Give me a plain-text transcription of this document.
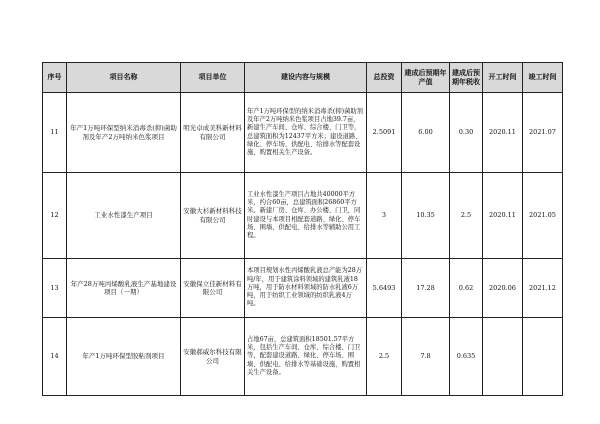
序号	项目名称	项目单位	建设内容与规模	总投资	建成后预期年产值	建成后预期年税收	开工时间	竣工时间
11	年产1万吨环保型纳米消毒杀(抑)菌助剂及年产2万吨纳米色浆项目	明光卓成美科新材料有限公司	年产1万吨环保型的纳米消毒杀(抑)菌助剂及年产2万吨纳米色浆项目占地39.7亩，新建生产车间、仓库、综合楼、门卫等，总建筑面积为12437平方米；建设道路、绿化、停车场、供配电、给排水等配套设施，购置相关生产设备。	2.5091	6.00	0.30	2020.11	2021.07
12	工业水性漆生产项目	安徽大杉新材料科技有限公司	工业水性漆生产项目占地共40000平方米，约合60亩，总建筑面积26860平方米。新建厂房、仓库、办公楼、门卫，同时建设与本项目相配套道路、绿化、停车场、围墙、供配电、给排水等辅助公用工程。	3	10.35	2.5	2020.11	2021.05
13	年产28万吨丙烯酸乳液生产基地建设项目（一期）	安徽保立佳新材料有限公司	本项目规划水性丙烯酸乳液总产能为28万吨/年，用于建筑涂料领域的建筑乳液18万吨，用于防水材料领域的防水乳液6万吨，用于纺织工业领域的纺织乳液4万吨。	5.6493	17.28	0.62	2020.06	2021.12
14	年产1万吨环保型胶粘剂项目	安徽郝威尔科技有限公司	占地67亩，总建筑面积18501.57平方米，包括生产车间、仓库、综合楼、门卫等，配套建设道路、绿化、停车场、围墙、供配电、给排水等基础设施，购置相关生产设备。	2.5	7.8	0.635		
